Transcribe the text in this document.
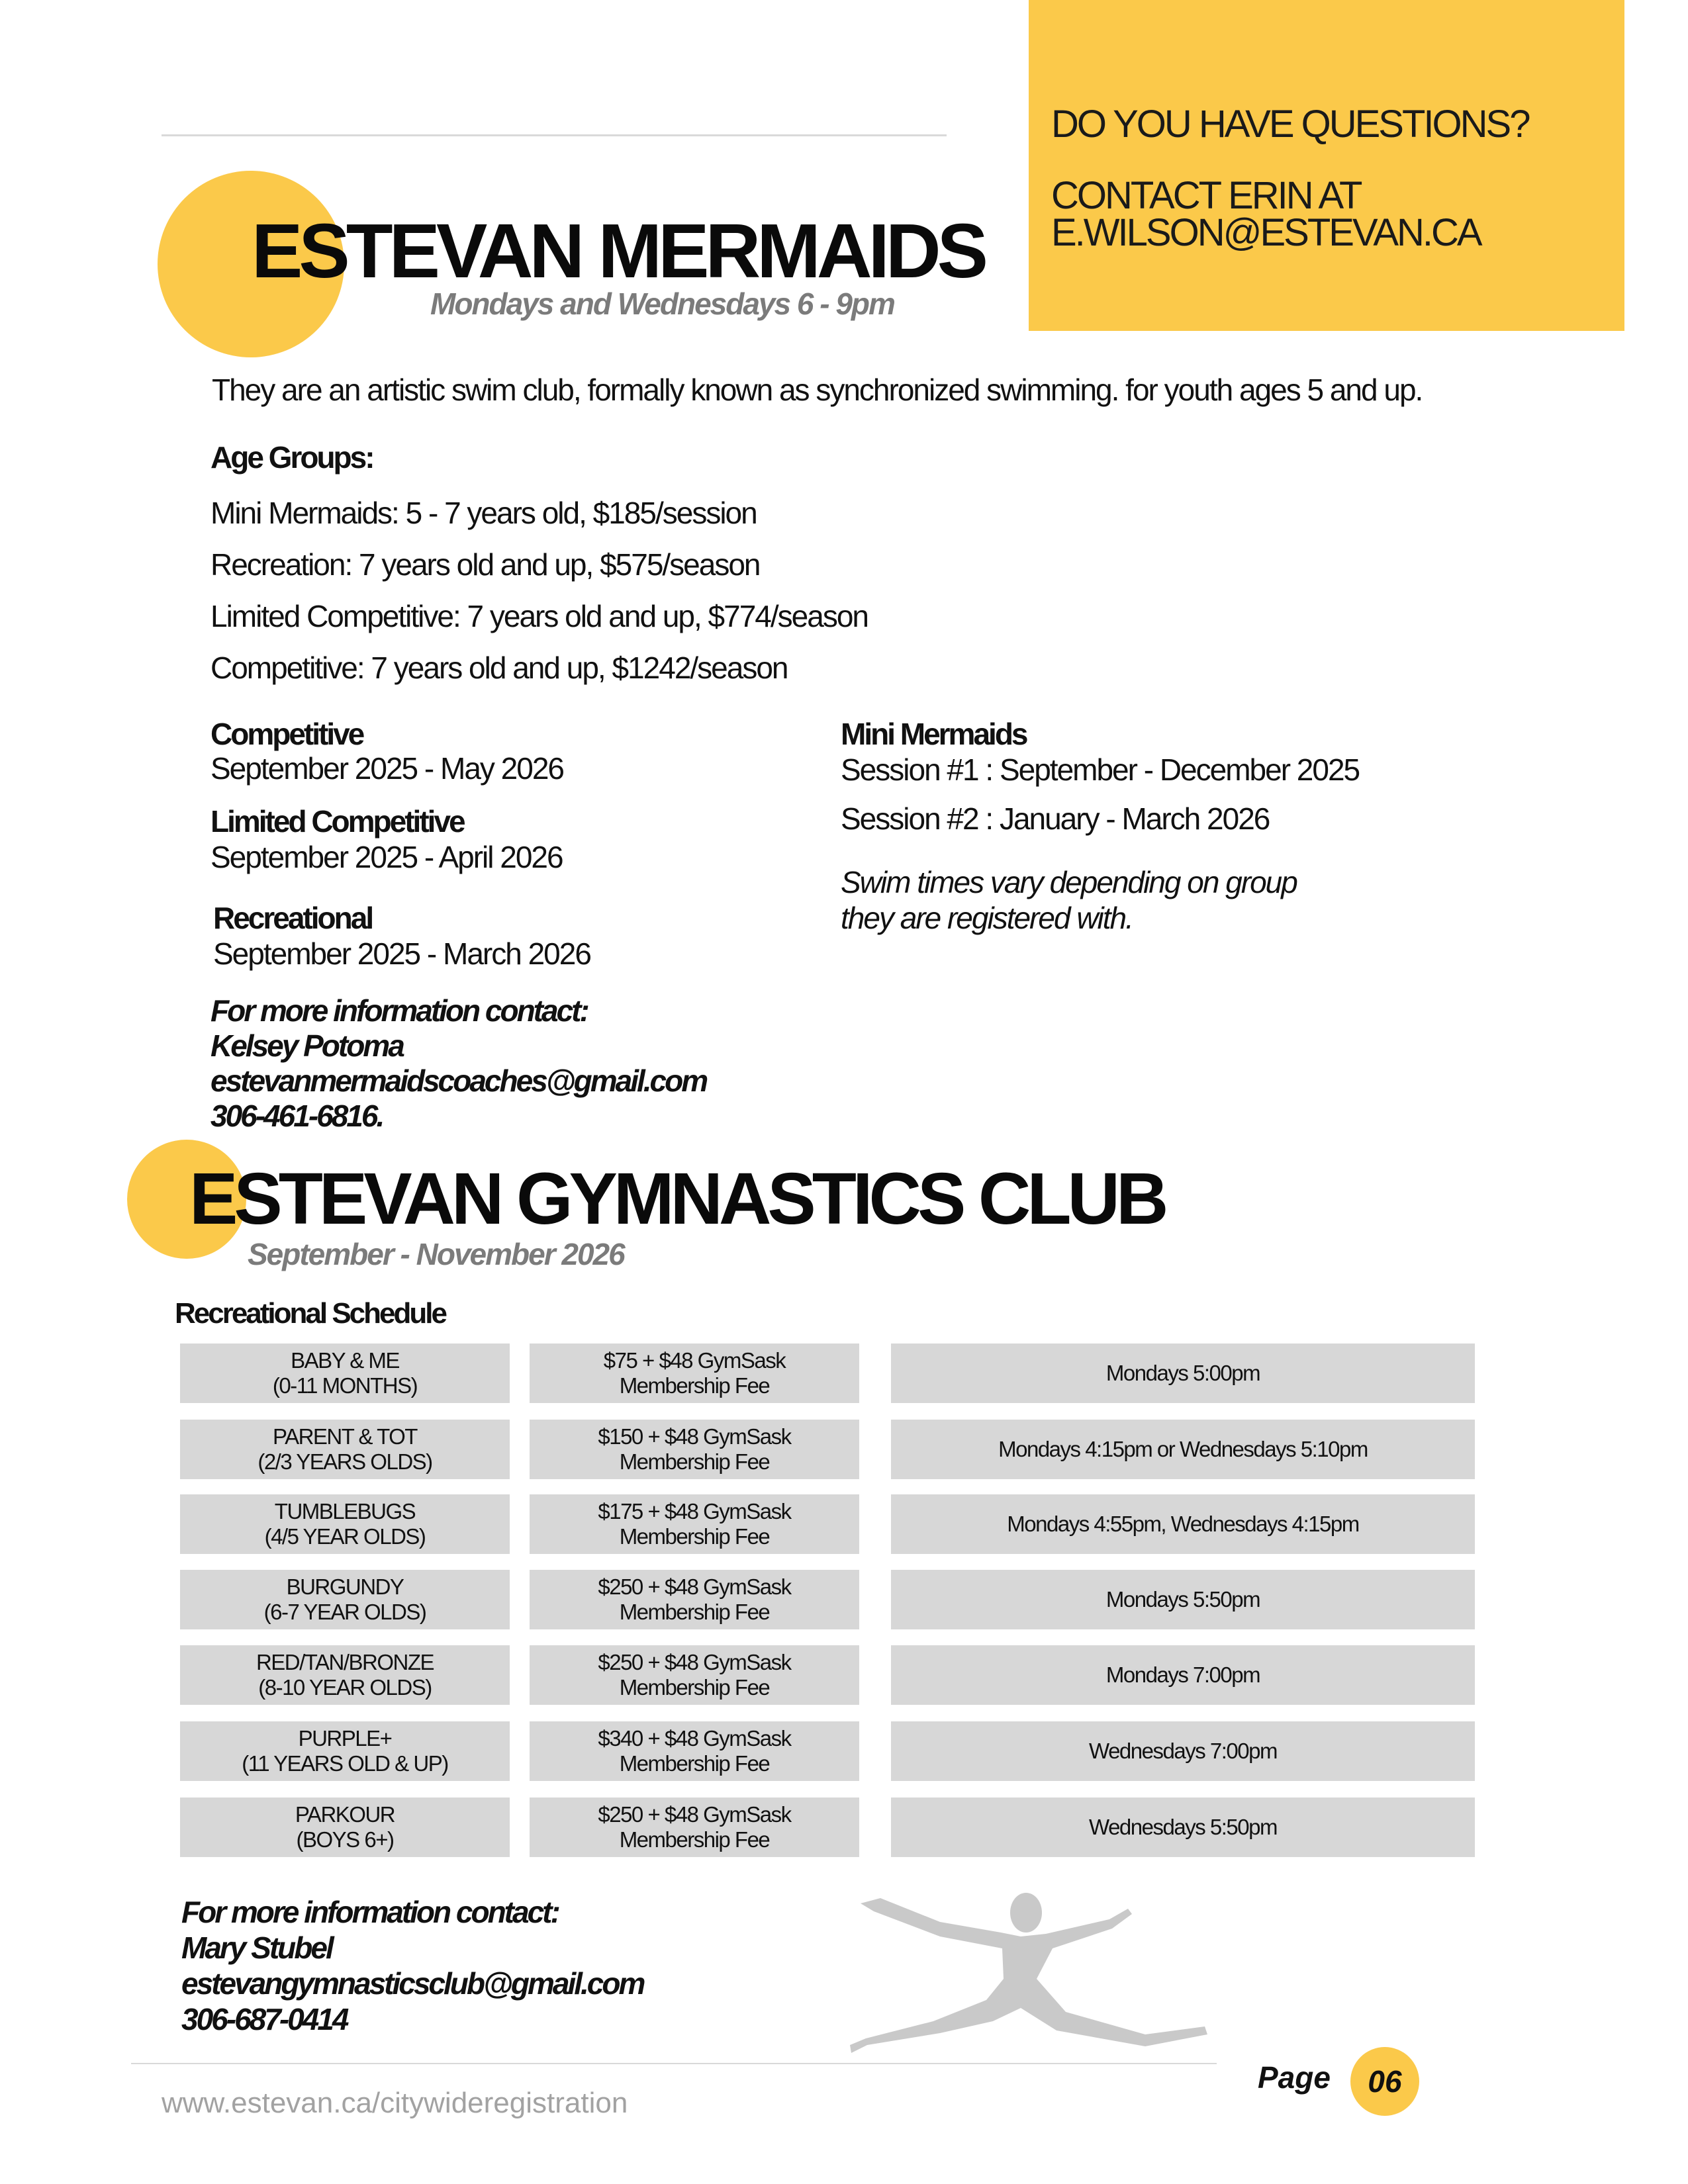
DO YOU HAVE QUESTIONS?
CONTACT ERIN AT
E.WILSON@ESTEVAN.CA
ESTEVAN MERMAIDS
Mondays and Wednesdays 6 - 9pm
They are an artistic swim club, formally known as synchronized swimming. for youth ages 5 and up.
Age Groups:
Mini Mermaids: 5 - 7 years old, $185/session
Recreation: 7 years old and up, $575/season
Limited Competitive: 7 years old and up, $774/season
Competitive: 7 years old and up, $1242/season
Competitive
September 2025 - May 2026
Limited Competitive
September 2025 - April 2026
Recreational
September 2025 - March 2026
Mini Mermaids
Session #1 : September - December 2025
Session #2 : January - March 2026
Swim times vary depending on group
they are registered with.
For more information contact:
Kelsey Potoma
estevanmermaidscoaches@gmail.com
306-461-6816.
ESTEVAN GYMNASTICS CLUB
September - November 2026
Recreational Schedule
BABY & ME
(0-11 MONTHS)
$75 + $48 GymSask
Membership Fee
Mondays 5:00pm
PARENT & TOT
(2/3 YEARS OLDS)
$150 + $48 GymSask
Membership Fee
Mondays 4:15pm or Wednesdays 5:10pm
TUMBLEBUGS
(4/5 YEAR OLDS)
$175 + $48 GymSask
Membership Fee
Mondays 4:55pm, Wednesdays 4:15pm
BURGUNDY
(6-7 YEAR OLDS)
$250 + $48 GymSask
Membership Fee
Mondays 5:50pm
RED/TAN/BRONZE
(8-10 YEAR OLDS)
$250 + $48 GymSask
Membership Fee
Mondays 7:00pm
PURPLE+
(11 YEARS OLD & UP)
$340 + $48 GymSask
Membership Fee
Wednesdays 7:00pm
PARKOUR
(BOYS 6+)
$250 + $48 GymSask
Membership Fee
Wednesdays 5:50pm
For more information contact:
Mary Stubel
estevangymnasticsclub@gmail.com
306-687-0414
www.estevan.ca/citywideregistration
Page 06
